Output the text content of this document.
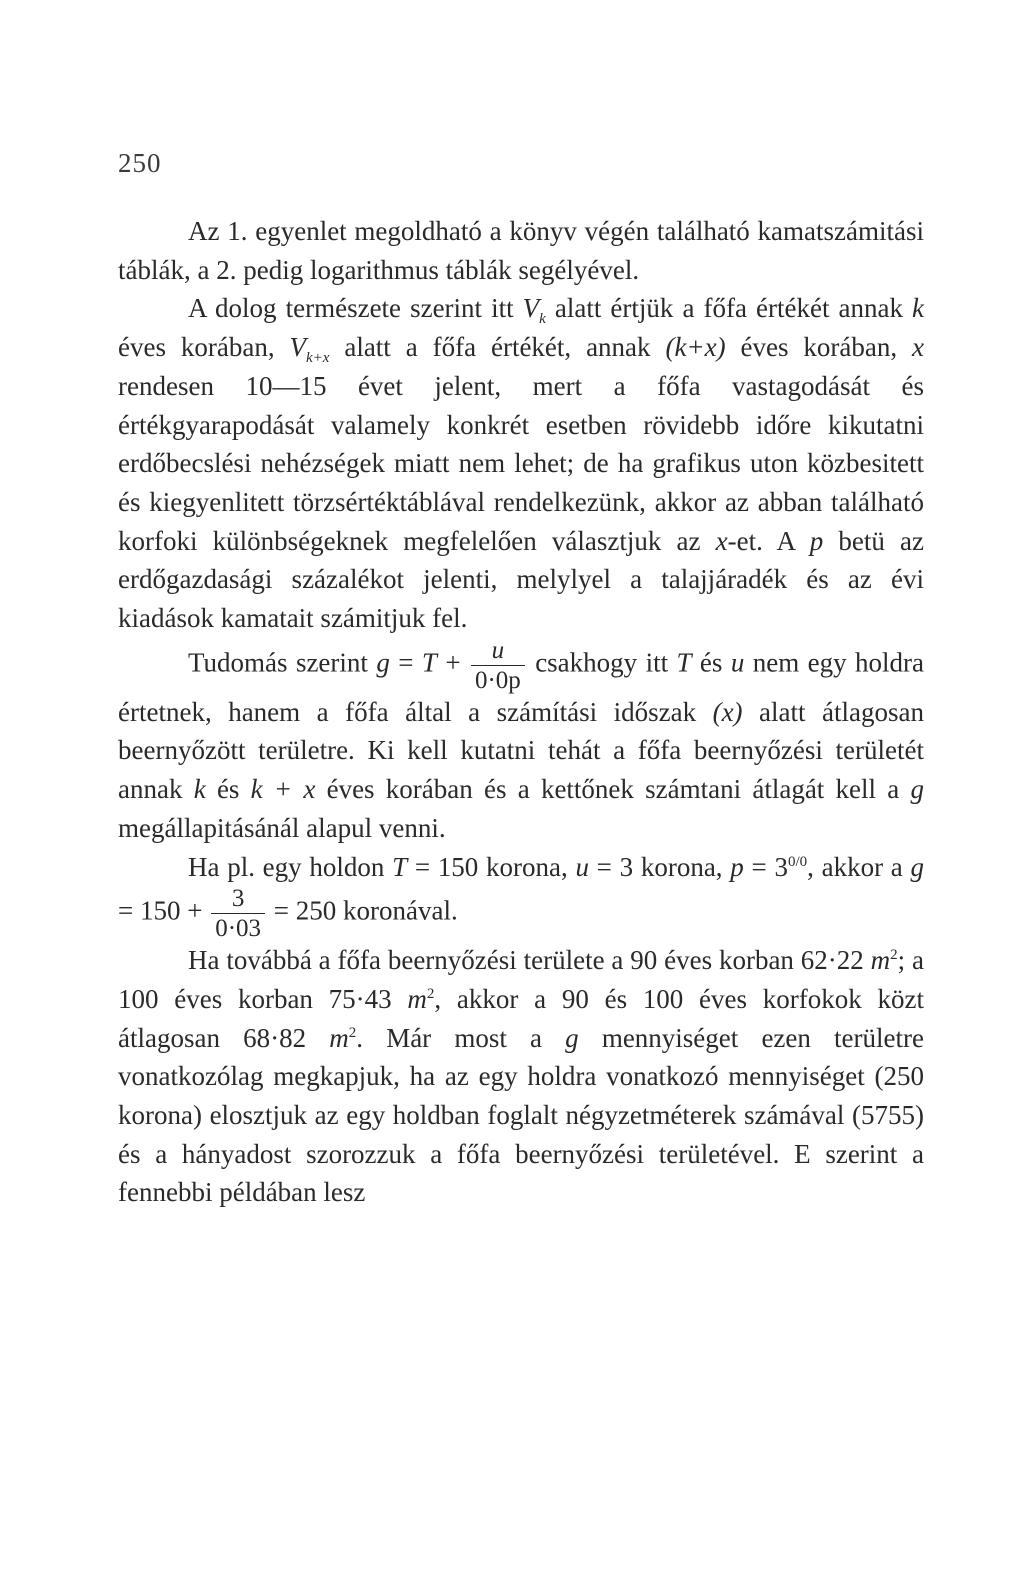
250

Az 1. egyenlet megoldható a könyv végén található kamatszámitási táblák, a 2. pedig logarithmus táblák segélyével.

A dolog természete szerint itt $V_k$ alatt értjük a főfa értékét annak k éves korában, $V_{k+x}$ alatt a főfa értékét, annak (k+x) éves korában, x rendesen 10—15 évet jelent, mert a főfa vastagodását és értékgyarapodását valamely konkrét esetben rövidebb időre kikutatni erdőbecslési nehézségek miatt nem lehet; de ha grafikus uton közbesitett és kiegyenlitett törzsértéktáblával rendelkezünk, akkor az abban található korfoki különbségeknek megfelelően választjuk az x-et. A p betü az erdőgazdasági százalékot jelenti, melylyel a talajjáradék és az évi kiadások kamatait számitjuk fel.

Tudomás szerint $g = T + \frac{u}{0\cdot 0p}$ csakhogy itt T és u nem egy holdra értetnek, hanem a főfa által a számítási időszak (x) alatt átlagosan beernyőzött területre. Ki kell kutatni tehát a főfa beernyőzési területét annak k és k + x éves korában és a kettőnek számtani átlagát kell a g megállapitásánál alapul venni.

Ha pl. egy holdon T = 150 korona, u = 3 korona, $p = 3^{0/0}$, akkor a $g = 150 + \frac{3}{0\cdot 03} = 250$ koronával.

Ha továbbá a főfa beernyőzési területe a 90 éves korban 62·22 $m^2$; a 100 éves korban 75·43 $m^2$, akkor a 90 és 100 éves korfokok közt átlagosan 68·82 $m^2$. Már most a g mennyiséget ezen területre vonatkozólag megkapjuk, ha az egy holdra vonatkozó mennyiséget (250 korona) elosztjuk az egy holdban foglalt négyzetméterek számával (5755) és a hányadost szorozzuk a főfa beernyőzési területével. E szerint a fennebbi példában lesz
